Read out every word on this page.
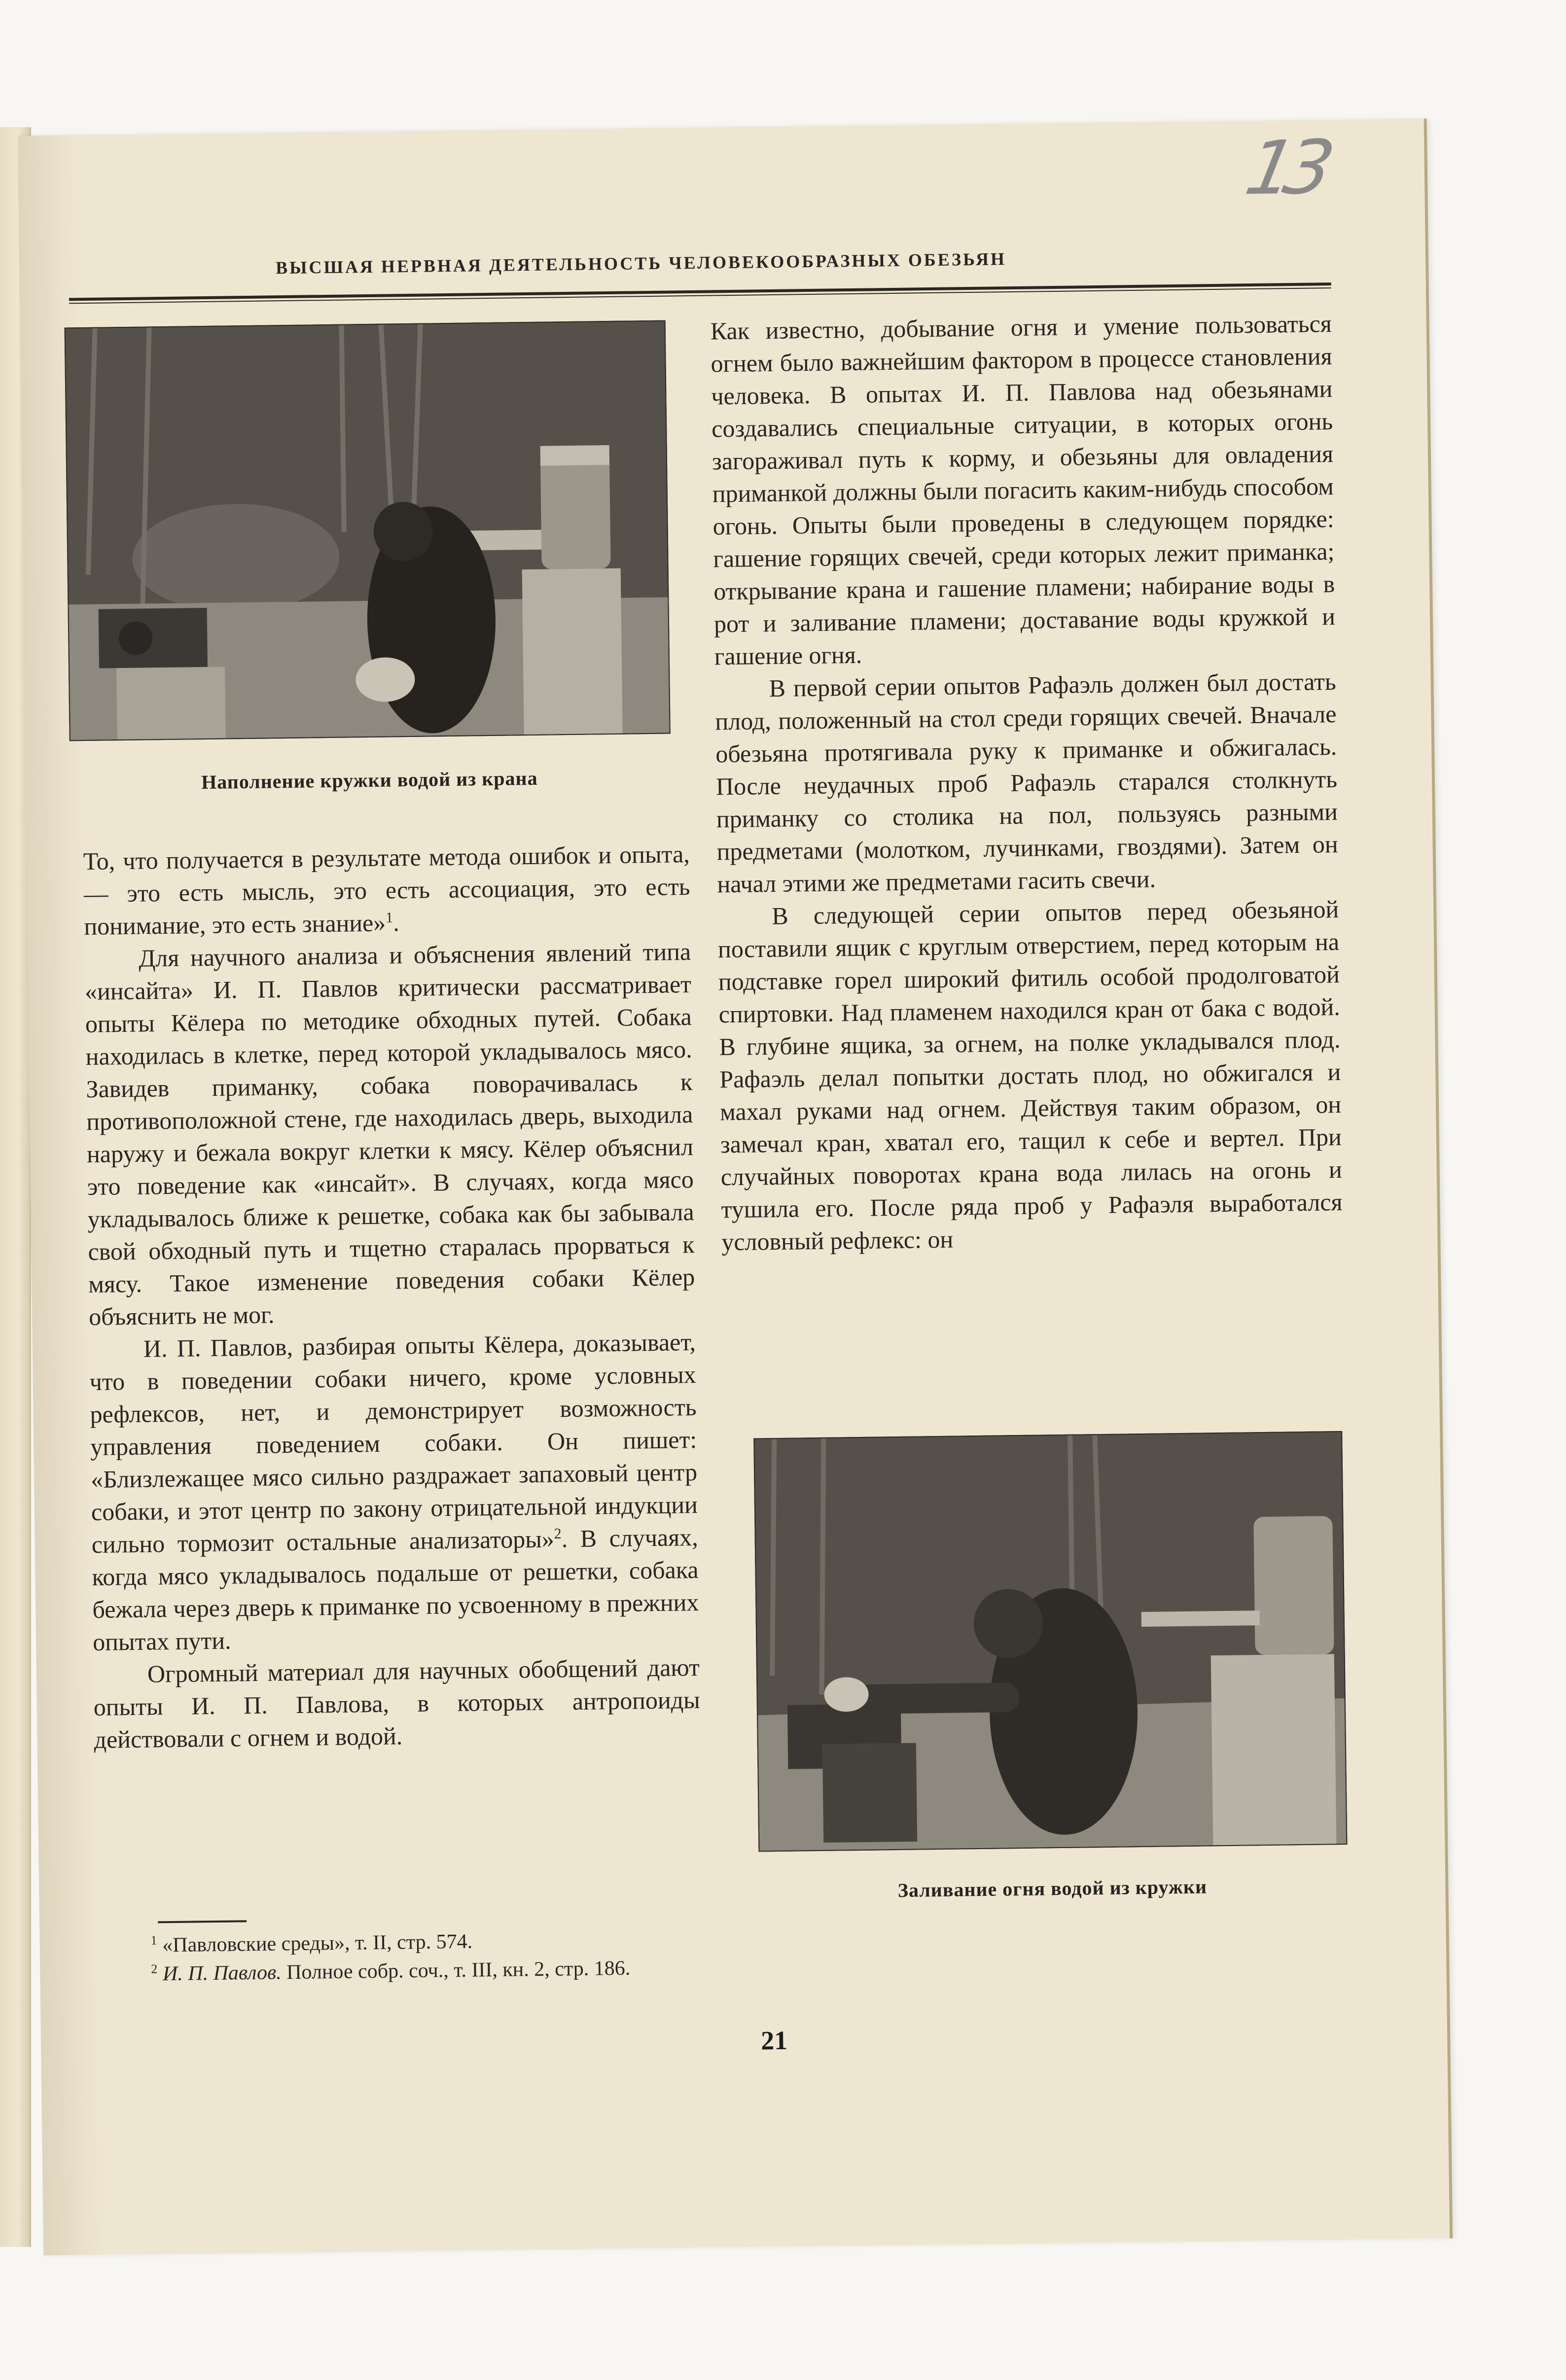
13
ВЫСШАЯ НЕРВНАЯ ДЕЯТЕЛЬНОСТЬ ЧЕЛОВЕКООБРАЗНЫХ ОБЕЗЬЯН
Наполнение кружки водой из крана

То, что получается в результате метода ошибок и опыта,— это есть мысль, это есть ассоциация, это есть понимание, это есть знание»$^1$.

Для научного анализа и объяснения явлений типа «инсайта» И. П. Павлов критически рассматривает опыты Кёлера по методике обходных путей. Собака находилась в клетке, перед которой укладывалось мясо. Завидев приманку, собака поворачивалась к противоположной стене, где находилась дверь, выходила наружу и бежала вокруг клетки к мясу. Кёлер объяснил это поведение как «инсайт». В случаях, когда мясо укладывалось ближе к решетке, собака как бы забывала свой обходный путь и тщетно старалась прорваться к мясу. Такое изменение поведения собаки Кёлер объяснить не мог.

И. П. Павлов, разбирая опыты Кёлера, доказывает, что в поведении собаки ничего, кроме условных рефлексов, нет, и демонстрирует возможность управления поведением собаки. Он пишет: «Близлежащее мясо сильно раздражает запаховый центр собаки, и этот центр по закону отрицательной индукции сильно тормозит остальные анализаторы»$^2$. В случаях, когда мясо укладывалось подальше от решетки, собака бежала через дверь к приманке по усвоенному в прежних опытах пути.

Огромный материал для научных обобщений дают опыты И. П. Павлова, в которых антропоиды действовали с огнем и водой.

$^1$ «Павловские среды», т. II, стр. 574.

$^2$ И. П. Павлов. Полное собр. соч., т. III, кн. 2, стр. 186.

Как известно, добывание огня и умение пользоваться огнем было важнейшим фактором в процессе становления человека. В опытах И. П. Павлова над обезьянами создавались специальные ситуации, в которых огонь загораживал путь к корму, и обезьяны для овладения приманкой должны были погасить каким-нибудь способом огонь. Опыты были проведены в следующем порядке: гашение горящих свечей, среди которых лежит приманка; открывание крана и гашение пламени; набирание воды в рот и заливание пламени; доставание воды кружкой и гашение огня.

В первой серии опытов Рафаэль должен был достать плод, положенный на стол среди горящих свечей. Вначале обезьяна протягивала руку к приманке и обжигалась. После неудачных проб Рафаэль старался столкнуть приманку со столика на пол, пользуясь разными предметами (молотком, лучинками, гвоздями). Затем он начал этими же предметами гасить свечи.

В следующей серии опытов перед обезьяной поставили ящик с круглым отверстием, перед которым на подставке горел широкий фитиль особой продолговатой спиртовки. Над пламенем находился кран от бака с водой. В глубине ящика, за огнем, на полке укладывался плод. Рафаэль делал попытки достать плод, но обжигался и махал руками над огнем. Действуя таким образом, он замечал кран, хватал его, тащил к себе и вертел. При случайных поворотах крана вода лилась на огонь и тушила его. После ряда проб у Рафаэля выработался условный рефлекс: он

Заливание огня водой из кружки
21
